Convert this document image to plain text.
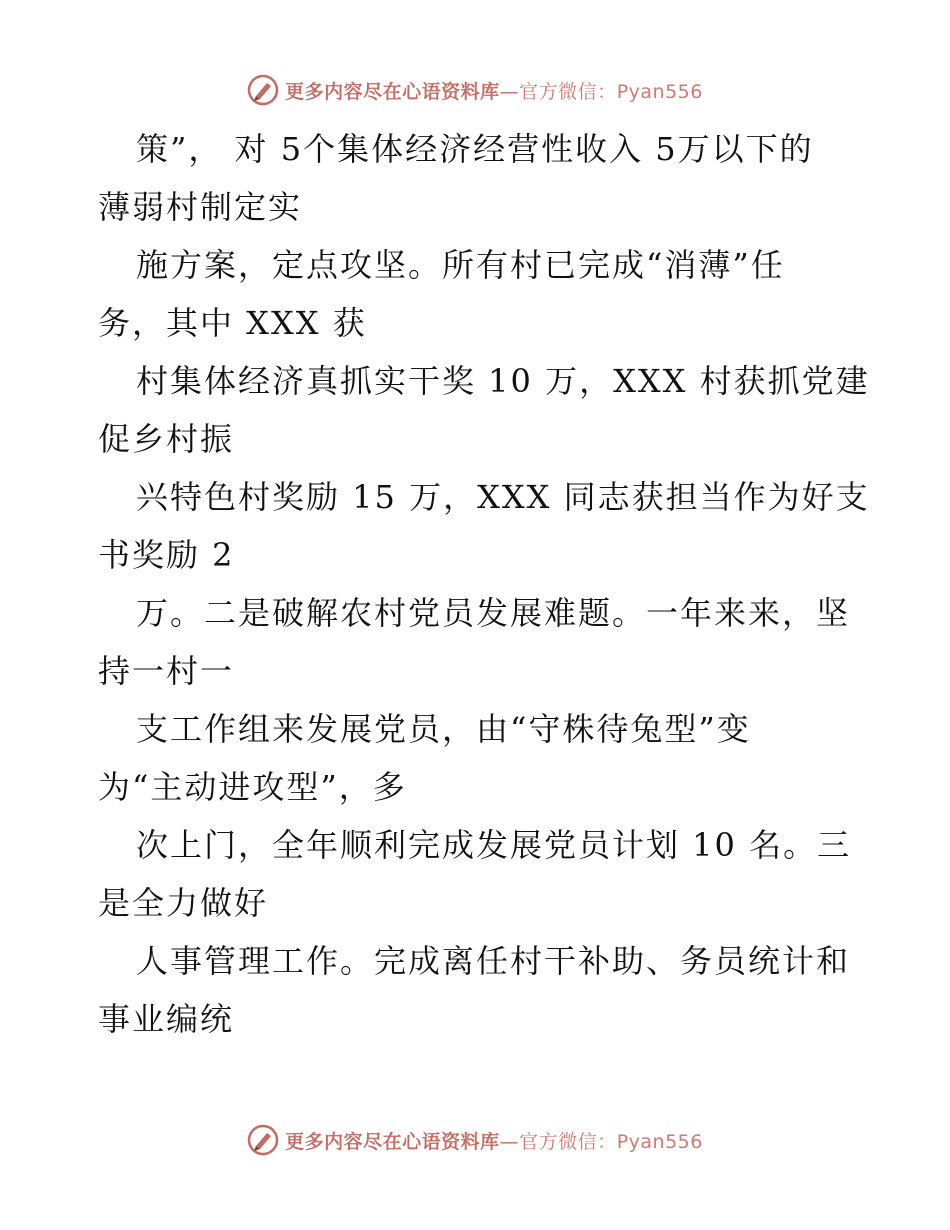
更多内容尽在心语资料库—官方微信：Pyan556
策”， 对 5个集体经济经营性收入 5万以下的
薄弱村制定实
施方案，定点攻坚。所有村已完成“消薄”任
务，其中 XXX 获
村集体经济真抓实干奖 10 万，XXX 村获抓党建
促乡村振
兴特色村奖励 15 万，XXX 同志获担当作为好支
书奖励 2
万。二是破解农村党员发展难题。一年来来，坚
持一村一
支工作组来发展党员，由“守株待兔型”变
为“主动进攻型”，多
次上门，全年顺利完成发展党员计划 10 名。三
是全力做好
人事管理工作。完成离任村干补助、务员统计和
事业编统
更多内容尽在心语资料库—官方微信：Pyan556
